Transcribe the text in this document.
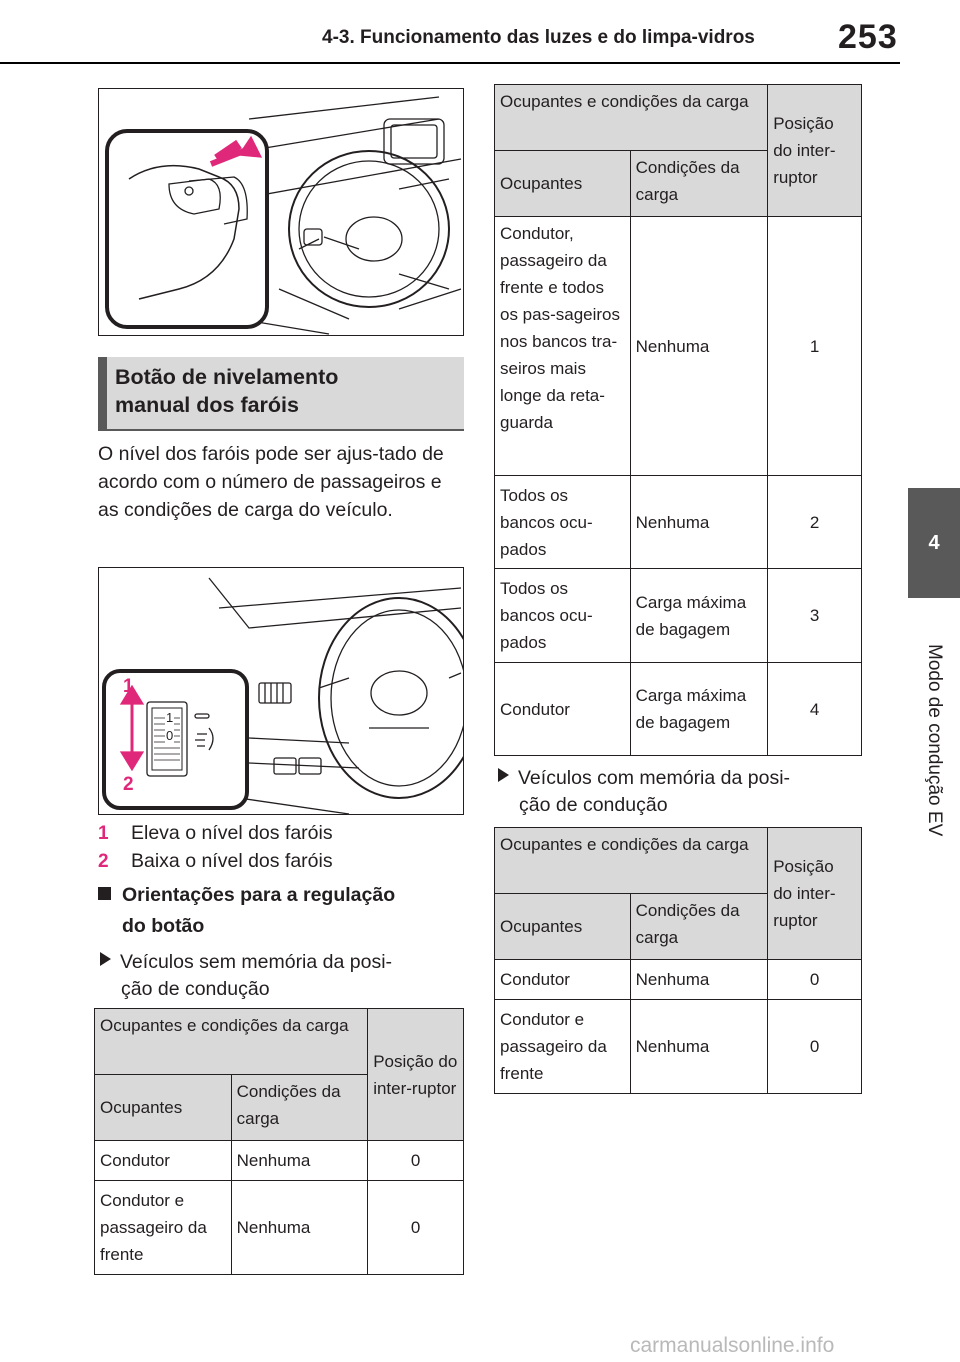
4-3. Funcionamento das luzes e do limpa-vidros 253
4
Modo de condução EV
Botão de nivelamento
manual dos faróis
O nível dos faróis pode ser ajus-tado de acordo com o número de passageiros e as condições de carga do veículo.
1
2
1
0
1 Eleva o nível dos faróis
2 Baixa o nível dos faróis
Orientações para a regulação
do botão
Veículos sem memória da posi-
ção de condução
Ocupantes e condições da carga		Posição do inter-ruptor
Ocupantes	Condições da carga	
Condutor	Nenhuma	0
Condutor e passageiro da frente	Nenhuma	0
Ocupantes e condições da carga		Posição do inter-ruptor
Ocupantes	Condições da carga	
Condutor, passageiro da frente e todos os pas-sageiros nos bancos tra-seiros mais longe da reta-guarda	Nenhuma	1
Todos os bancos ocu-pados	Nenhuma	2
Todos os bancos ocu-pados	Carga máxima de bagagem	3
Condutor	Carga máxima de bagagem	4
Veículos com memória da posi-
ção de condução
Ocupantes e condições da carga		Posição do inter-ruptor
Ocupantes	Condições da carga	
Condutor	Nenhuma	0
Condutor e passageiro da frente	Nenhuma	0
carmanualsonline.info
